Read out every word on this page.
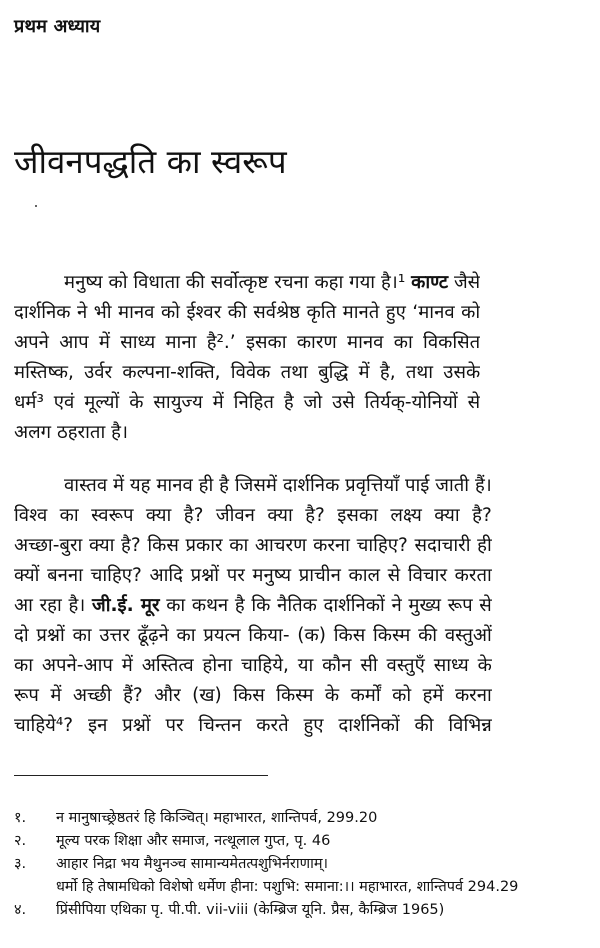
प्रथम अध्याय
जीवनपद्धति का स्वरूप
मनुष्य को विधाता की सर्वोत्कृष्ट रचना कहा गया है।¹ काण्ट जैसे
दार्शनिक ने भी मानव को ईश्वर की सर्वश्रेष्ठ कृति मानते हुए ‘मानव को
अपने आप में साध्य माना है².’ इसका कारण मानव का विकसित
मस्तिष्क, उर्वर कल्पना-शक्ति, विवेक तथा बुद्धि में है, तथा उसके
धर्म³ एवं मूल्यों के सायुज्य में निहित है जो उसे तिर्यक्-योनियों से
अलग ठहराता है।
वास्तव में यह मानव ही है जिसमें दार्शनिक प्रवृत्तियाँ पाई जाती हैं।
विश्व का स्वरूप क्या है? जीवन क्या है? इसका लक्ष्य क्या है?
अच्छा-बुरा क्या है? किस प्रकार का आचरण करना चाहिए? सदाचारी ही
क्यों बनना चाहिए? आदि प्रश्नों पर मनुष्य प्राचीन काल से विचार करता
आ रहा है। जी.ई. मूर का कथन है कि नैतिक दार्शनिकों ने मुख्य रूप से
दो प्रश्नों का उत्तर ढूँढ़ने का प्रयत्न किया- (क) किस किस्म की वस्तुओं
का अपने-आप में अस्तित्व होना चाहिये, या कौन सी वस्तुएँ साध्य के
रूप में अच्छी हैं? और (ख) किस किस्म के कर्मों को हमें करना
चाहिये⁴? इन प्रश्नों पर चिन्तन करते हुए दार्शनिकों की विभिन्न
१.	न मानुषाच्छ्रेष्ठतरं हि किञ्चित्। महाभारत, शान्तिपर्व, 299.20
२.	मूल्य परक शिक्षा और समाज, नत्थूलाल गुप्त, पृ. 46
३.	आहार निद्रा भय मैथुनञ्च सामान्यमेतत्पशुभिर्नराणाम्।
धर्मो हि तेषामधिको विशेषो धर्मेण हीना: पशुभि: समाना:।। महाभारत, शान्तिपर्व 294.29
४.	प्रिंसीपिया एथिका पृ. पी.पी. vii-viii (केम्ब्रिज यूनि. प्रैस, कैम्ब्रिज 1965)
